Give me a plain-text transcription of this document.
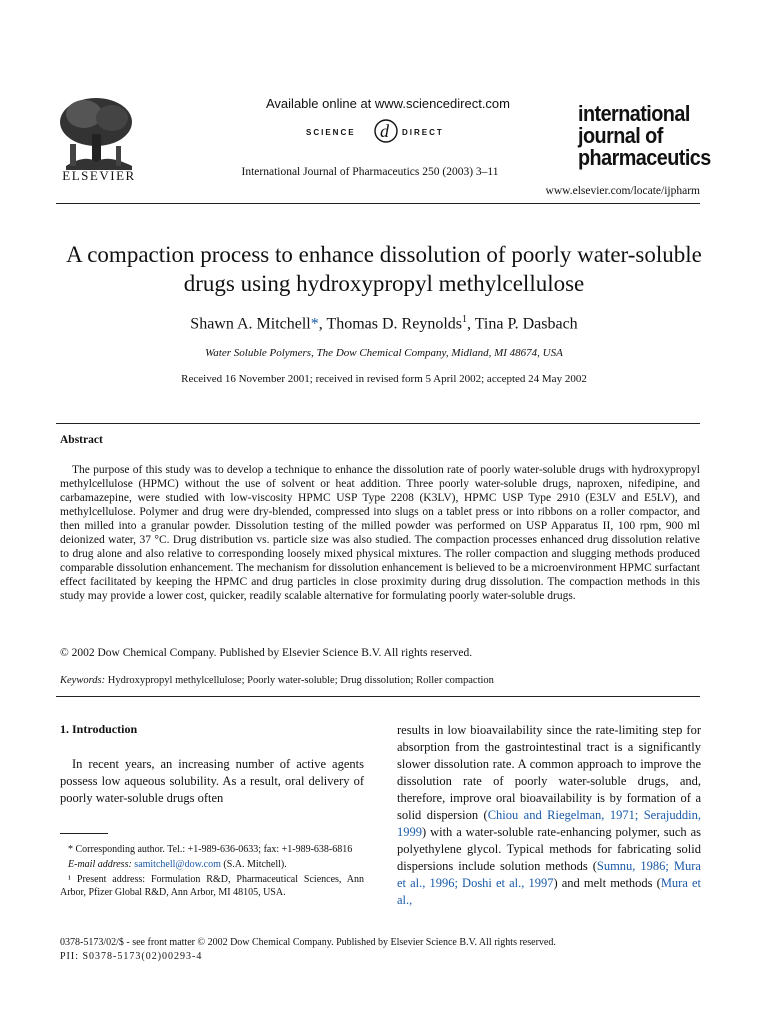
ELSEVIER
Available online at www.sciencedirect.com
SCIENCE d DIRECT
International Journal of Pharmaceutics 250 (2003) 3–11
international
journal of
pharmaceutics
www.elsevier.com/locate/ijpharm
A compaction process to enhance dissolution of poorly water-soluble drugs using hydroxypropyl methylcellulose
Shawn A. Mitchell*, Thomas D. Reynolds$^1$, Tina P. Dasbach
Water Soluble Polymers, The Dow Chemical Company, Midland, MI 48674, USA
Received 16 November 2001; received in revised form 5 April 2002; accepted 24 May 2002
Abstract
The purpose of this study was to develop a technique to enhance the dissolution rate of poorly water-soluble drugs with hydroxypropyl methylcellulose (HPMC) without the use of solvent or heat addition. Three poorly water-soluble drugs, naproxen, nifedipine, and carbamazepine, were studied with low-viscosity HPMC USP Type 2208 (K3LV), HPMC USP Type 2910 (E3LV and E5LV), and methylcellulose. Polymer and drug were dry-blended, compressed into slugs on a tablet press or into ribbons on a roller compactor, and then milled into a granular powder. Dissolution testing of the milled powder was performed on USP Apparatus II, 100 rpm, 900 ml deionized water, 37 °C. Drug distribution vs. particle size was also studied. The compaction processes enhanced drug dissolution relative to drug alone and also relative to corresponding loosely mixed physical mixtures. The roller compaction and slugging methods produced comparable dissolution enhancement. The mechanism for dissolution enhancement is believed to be a microenvironment HPMC surfactant effect facilitated by keeping the HPMC and drug particles in close proximity during drug dissolution. The compaction methods in this study may provide a lower cost, quicker, readily scalable alternative for formulating poorly water-soluble drugs.
© 2002 Dow Chemical Company. Published by Elsevier Science B.V. All rights reserved.
Keywords: Hydroxypropyl methylcellulose; Poorly water-soluble; Drug dissolution; Roller compaction
1. Introduction
In recent years, an increasing number of active agents possess low aqueous solubility. As a result, oral delivery of poorly water-soluble drugs often

* Corresponding author. Tel.: +1-989-636-0633; fax: +1-989-638-6816

E-mail address: samitchell@dow.com (S.A. Mitchell).

¹ Present address: Formulation R&D, Pharmaceutical Sciences, Ann Arbor, Pfizer Global R&D, Ann Arbor, MI 48105, USA.

results in low bioavailability since the rate-limiting step for absorption from the gastrointestinal tract is a significantly slower dissolution rate. A common approach to improve the dissolution rate of poorly water-soluble drugs, and, therefore, improve oral bioavailability is by formation of a solid dispersion (Chiou and Riegelman, 1971; Serajuddin, 1999) with a water-soluble rate-enhancing polymer, such as polyethylene glycol. Typical methods for fabricating solid dispersions include solution methods (Sumnu, 1986; Mura et al., 1996; Doshi et al., 1997) and melt methods (Mura et al.,
0378-5173/02/$ - see front matter © 2002 Dow Chemical Company. Published by Elsevier Science B.V. All rights reserved.
PII: S0378-5173(02)00293-4
